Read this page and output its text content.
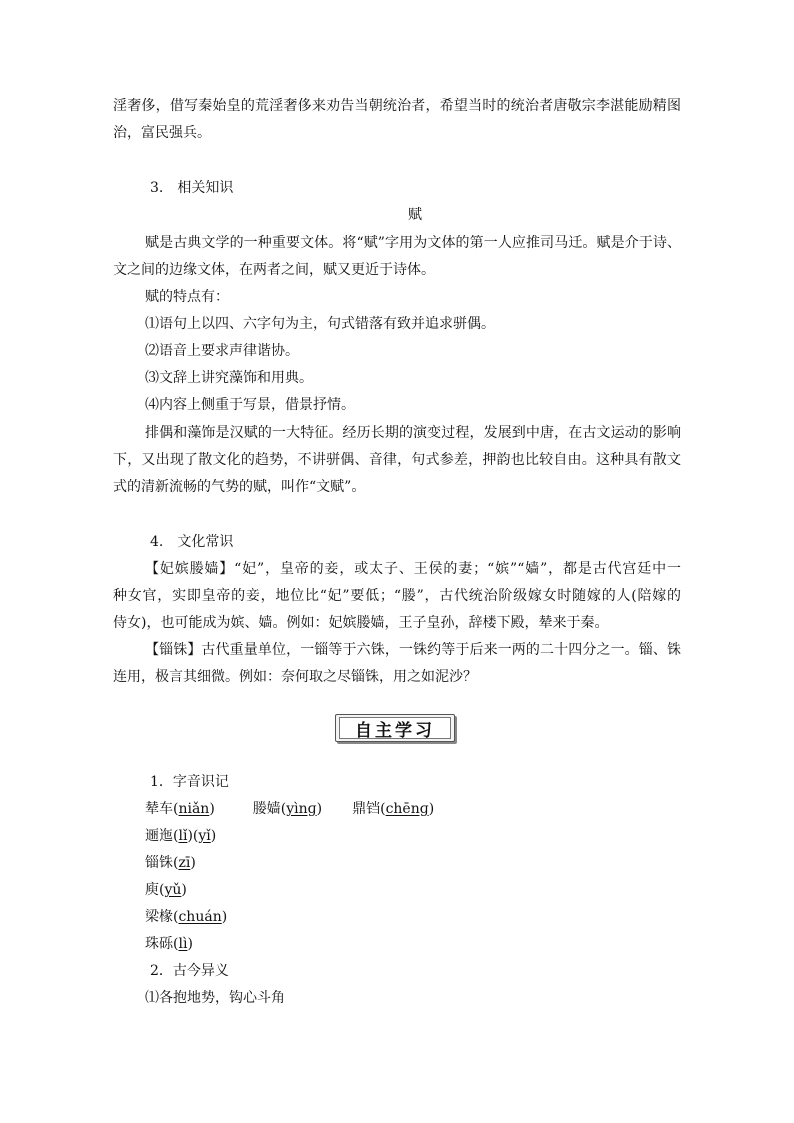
淫奢侈，借写秦始皇的荒淫奢侈来劝告当朝统治者，希望当时的统治者唐敬宗李湛能励精图
治，富民强兵。
3.　相关知识
赋
赋是古典文学的一种重要文体。将“赋”字用为文体的第一人应推司马迁。赋是介于诗、
文之间的边缘文体，在两者之间，赋又更近于诗体。
赋的特点有：
⑴语句上以四、六字句为主，句式错落有致并追求骈偶。
⑵语音上要求声律谐协。
⑶文辞上讲究藻饰和用典。
⑷内容上侧重于写景，借景抒情。
排偶和藻饰是汉赋的一大特征。经历长期的演变过程，发展到中唐，在古文运动的影响
下，又出现了散文化的趋势，不讲骈偶、音律，句式参差，押韵也比较自由。这种具有散文
式的清新流畅的气势的赋，叫作“文赋”。
4.　文化常识
【妃嫔媵嫱】“妃”，皇帝的妾，或太子、王侯的妻；“嫔”“嫱”，都是古代宫廷中一
种女官，实即皇帝的妾，地位比“妃”要低；“媵”，古代统治阶级嫁女时随嫁的人(陪嫁的
侍女)，也可能成为嫔、嫱。例如：妃嫔媵嫱，王子皇孙，辞楼下殿，辇来于秦。
【锱铢】古代重量单位，一锱等于六铢，一铢约等于后来一两的二十四分之一。锱、铢
连用，极言其细微。例如：奈何取之尽锱铢，用之如泥沙？
自主学习
1．字音识记
辇车(niǎn)	媵嫱(yìnɡ) 鼎铛(chēnɡ)
逦迤(lǐ)(yǐ)
锱铢(zī)
庾(yǔ)
梁椽(chuán)
珠砾(lì)
2．古今异义
⑴各抱地势，钩心斗角
